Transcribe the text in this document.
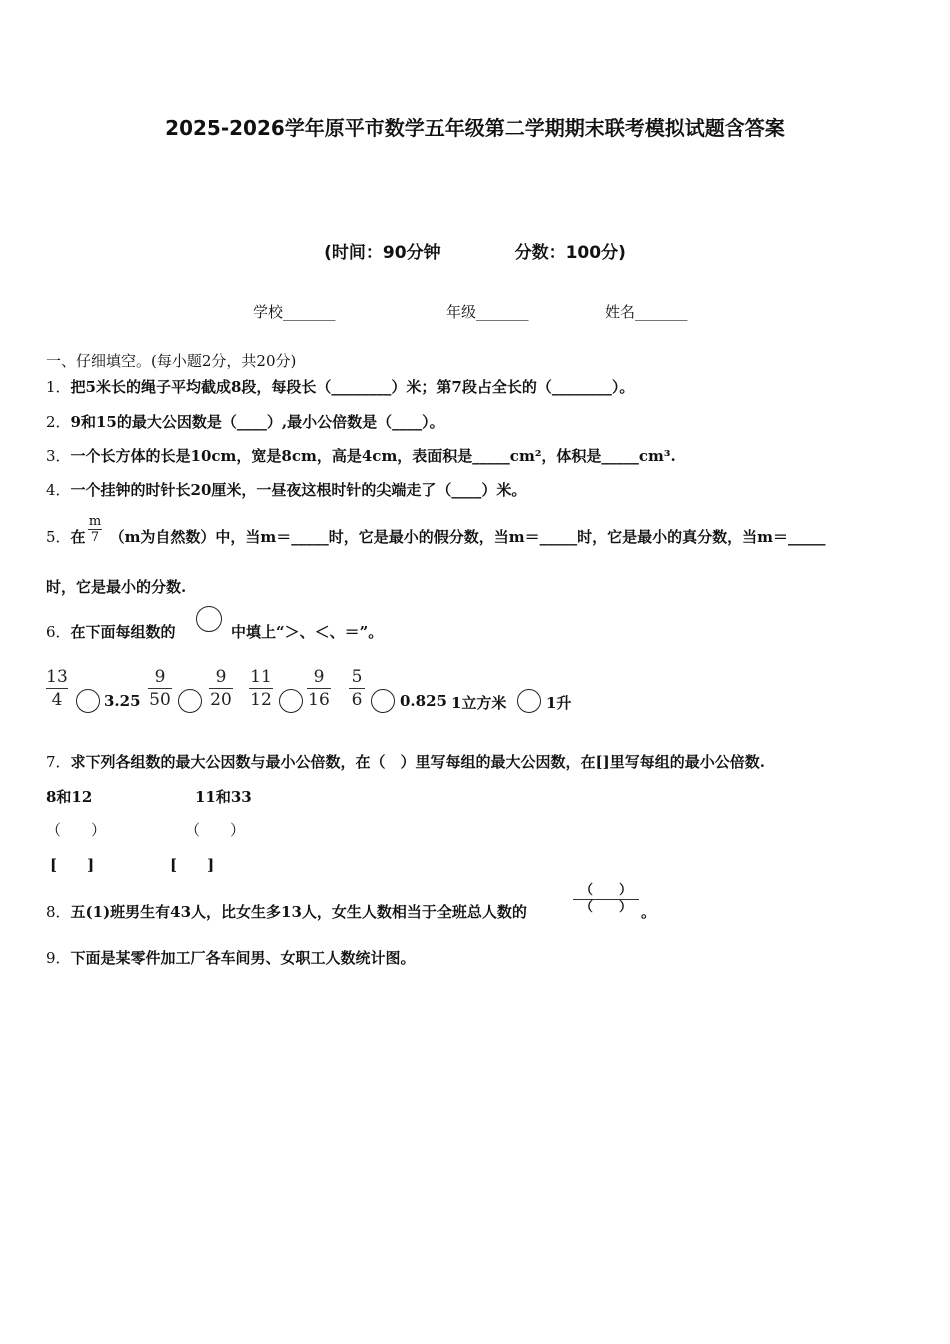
2025-2026学年原平市数学五年级第二学期期末联考模拟试题含答案
(时间：90分钟	分数：100分)
学校_______	年级_______	姓名_______
一、仔细填空。(每小题2分，共20分)
1．把5米长的绳子平均截成8段，每段长（________）米；第7段占全长的（________）。
2．9和15的最大公因数是（____）,最小公倍数是（____）。
3．一个长方体的长是10cm，宽是8cm，高是4cm，表面积是_____cm²，体积是_____cm³.
4．一个挂钟的时针长20厘米，一昼夜这根时针的尖端走了（____）米。
5．在 （m为自然数）中，当m＝_____时，它是最小的假分数，当m＝_____时，它是最小的真分数，当m＝_____
m
7
时，它是最小的分数.
6．在下面每组数的	中填上“＞、＜、＝”。
13
4	3.25
9
50
9
20
11
12
9
16
5
6	0.825 1立方米	1升
7．求下列各组数的最大公因数与最小公倍数，在（　）里写每组的最大公因数，在[]里写每组的最小公倍数.
8和12	11和33
（　　）	（　　）
[　　]	[　　]
8．五(1)班男生有43人，比女生多13人，女生人数相当于全班总人数的
（　　）
（　　） 。
9．下面是某零件加工厂各车间男、女职工人数统计图。
